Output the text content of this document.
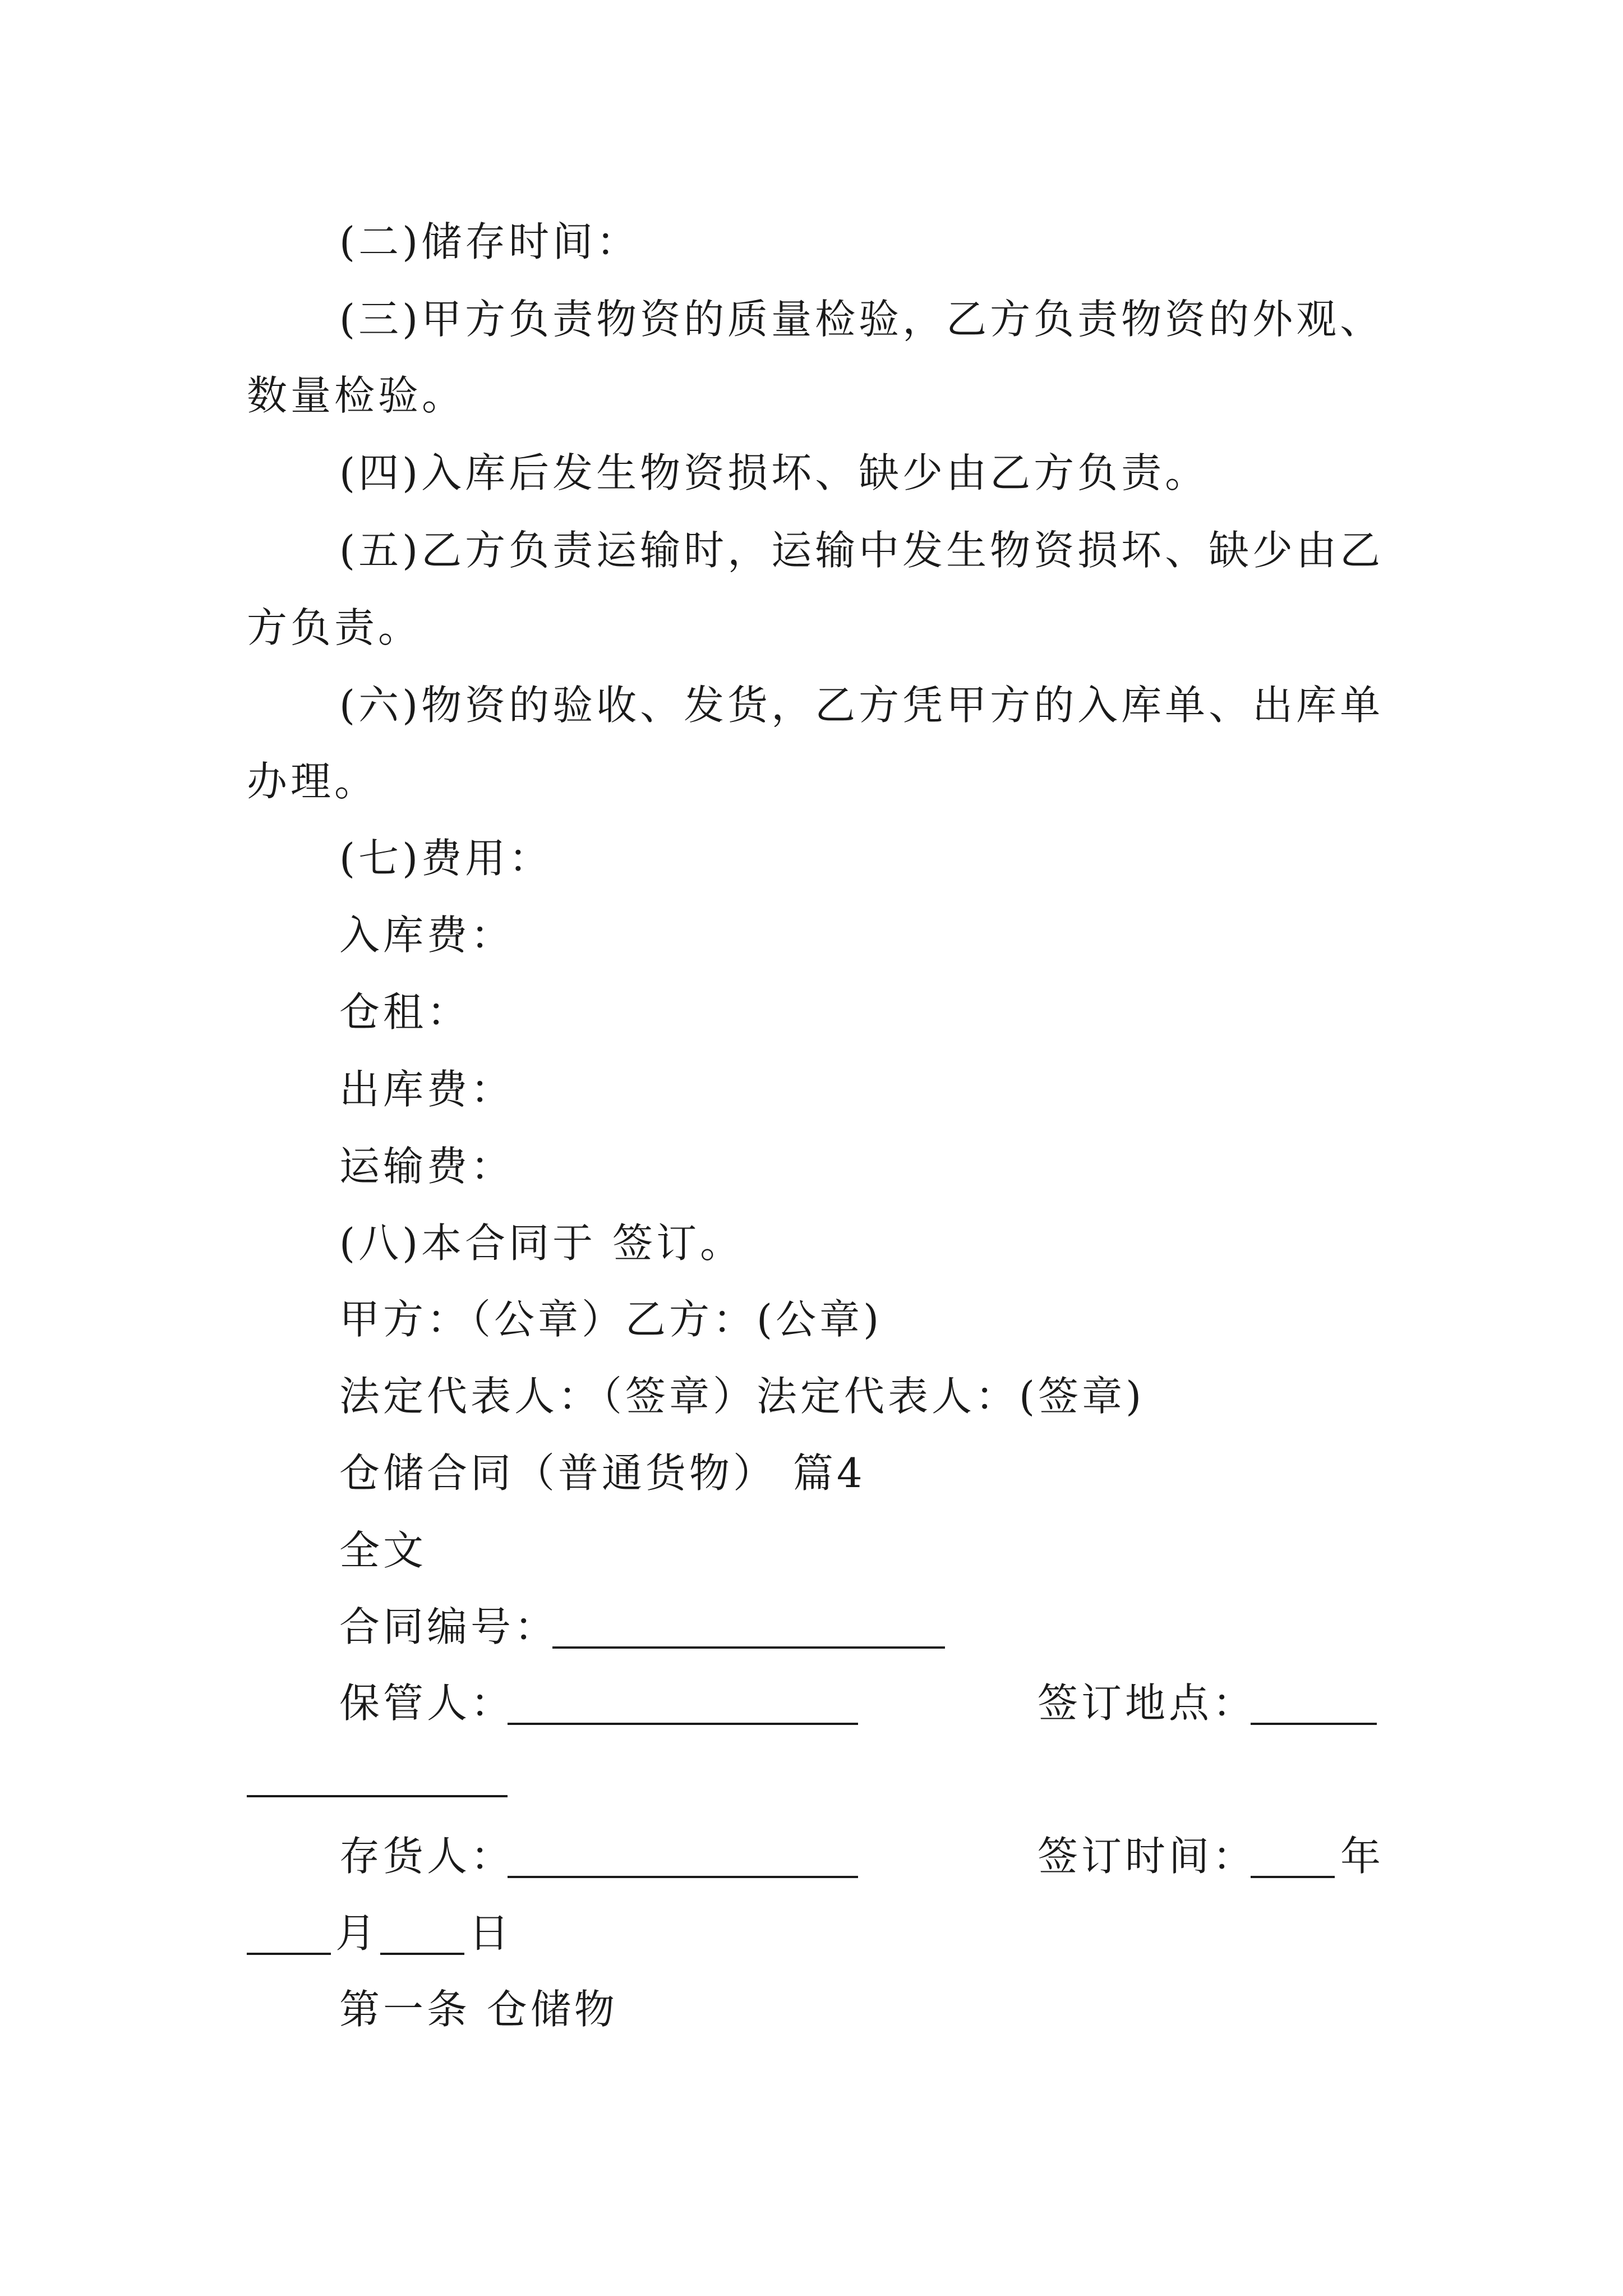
(二)储存时间：
(三)甲方负责物资的质量检验，乙方负责物资的外观、
数量检验。
(四)入库后发生物资损坏、缺少由乙方负责。
(五)乙方负责运输时，运输中发生物资损坏、缺少由乙
方负责。
(六)物资的验收、发货，乙方凭甲方的入库单、出库单
办理。
(七)费用：
入库费：
仓租：
出库费：
运输费：
(八)本合同于 签订。
甲方：（公章）乙方：(公章)
法定代表人：（签章）法定代表人：(签章)
仓储合同（普通货物） 篇4
全文
合同编号：
保管人：	签订地点：
存货人：	签订时间： 年
月 日
第一条 仓储物
